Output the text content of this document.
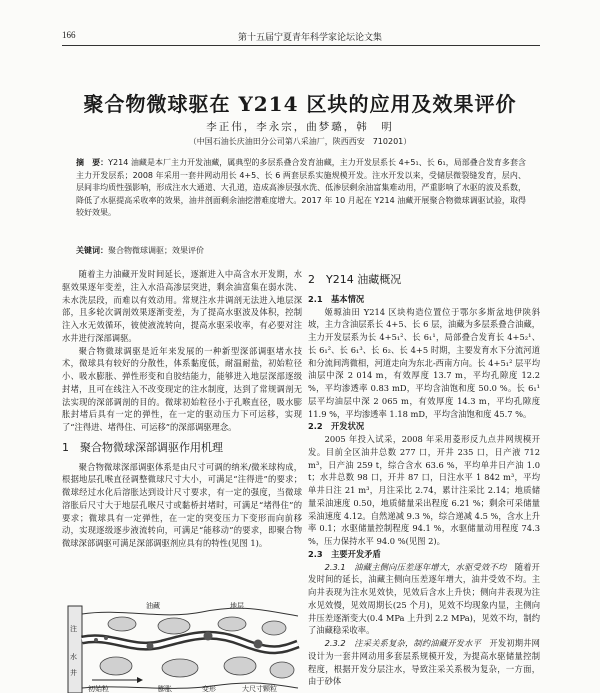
166	第十五届宁夏青年科学家论坛论文集
聚合物微球驱在 Y214 区块的应用及效果评价
李正伟，李永宗，曲梦璐，韩　明
（中国石油长庆油田分公司第八采油厂，陕西西安　710201）
摘　要：Y214 油藏是本厂主力开发油藏，属典型的多层系叠合发育油藏，主力开发层系长 4+5₁、长 6₁，局部叠合发育多套含主力开发层系；2008 年采用一套井网动用长 4+5、长 6 两套层系实施规模开发。注水开发以来，受储层微裂缝发育，层内、层间非均质性强影响，形成注水大通道、大孔道，造成高渗层强水洗、低渗层剩余油富集难动用，严重影响了水驱的波及系数，降低了水驱提高采收率的效果，油井剖面剩余油挖潜难度增大。2017 年 10 月起在 Y214 油藏开展聚合物微球调驱试验，取得较好效果。
关键词：聚合物微球调驱；效果评价

随着主力油藏开发时间延长，逐渐进入中高含水开发期，水驱效果逐年变差，注入水沿高渗层突进，剩余油富集在弱水洗、未水洗层段，而难以有效动用。常规注水井调剖无法进入地层深部，且多轮次调剖效果逐渐变差，为了提高水驱波及体积，控制注入水无效循环，彼使液流转向，提高水驱采收率，有必要对注水井进行深部调驱。

聚合物微球调驱是近年来发展的一种新型深部调驱堵水技术，微球具有较好的分散性，体系黏度低，耐温耐盐，初始粒径小、吸水膨胀、弹性形变和自胶结能力，能够进入地层深部逐级封堵，且可在线注入不改变现定的注水制度，达到了常规调剖无法实现的深部调剖的目的。微球初始粒径小于孔喉直径，吸水膨胀封堵后具有一定的弹性，在一定的驱动压力下可运移，实现了“注得进、堵得住、可运移”的深部调驱理念。

1　聚合物微球深部调驱作用机理

聚合物微球深部调驱体系是由尺寸可调的纳米/微米球构成，根据地层孔喉直径调整微球尺寸大小，可满足“注得进”的要求；微球经过水化后溶胀达到设计尺寸要求，有一定的强度，当微球溶胀后尺寸大于地层孔喉尺寸或黏桥封堵时，可满足“堵得住”的要求；微球具有一定弹性，在一定的突变压力下变形而向前移动，实现逐级逐步液流转向，可满足“能移动”的要求，即聚合物微球深部调驱可满足深部调驱剂应具有的特性(见图 1)。

2　Y214 油藏概况
2.1　基本情况

姬塬油田 Y214 区块构造位置位于鄂尔多斯盆地伊陕斜坡，主力含油层系长 4+5、长 6 层，油藏为多层系叠合油藏，主力开发层系为长 4+5₁²、长 6₁¹，局部叠合发育长 4+5₂¹、长 6₁²、长 6₁³、长 6₂、长 4+5 时期，主要发育水下分流河道和分流间湾微相，河道走向为东北-西南方向。长 4+5₁² 层平均油层中深 2 014 m，有效厚度 13.7 m，平均孔隙度 12.2 %，平均渗透率 0.83 mD，平均含油饱和度 50.0 %。长 6₁¹ 层平均油层中深 2 065 m，有效厚度 14.3 m，平均孔隙度 11.9 %，平均渗透率 1.18 mD，平均含油饱和度 45.7 %。

2.2　开发状况

2005 年投入试采，2008 年采用菱形反九点井网规模开发。目前全区油井总数 277 口，开井 235 口，日产液 712 m³，日产油 259 t，综合含水 63.6 %，平均单井日产油 1.0 t；水井总数 98 口，开井 87 口，日注水平 1 842 m³，平均单井日注 21 m³，月注采比 2.74，累计注采比 2.14；地质储量采油速度 0.50，地质储量采出程度 6.21 %；剩余可采储量采油速度 4.12。自然递减 9.3 %，综合递减 4.5 %，含水上升率 0.1；水驱储量控制程度 94.1 %，水驱储量动用程度 74.3 %，压力保持水平 94.0 %(见图 2)。

2.3　主要开发矛盾

2.3.1　油藏主侧向压差逐年增大，水驱受效不均　 随着开发时间的延长，油藏主侧向压差逐年增大，油井受效不均。主向井表现为注水见效快，见效后含水上升快；侧向井表现为注水见效慢，见效周期长(25 个月)，见效不均现象内显，主侧向井压差逐渐变大(0.4 MPa 上升到 2.2 MPa)，见效不均，制约了油藏稳采收率。

2.3.2　注采关系复杂，制约油藏开发水平　 开发初期井网设计为一套井网动用多套层系规模开发，为提高水驱储量控制程度，根据开发分层注水，导致注采关系极为复杂，一方面，由于砂体

油藏	地层
注
水
井
初始粒	膨胀	变形	大尺寸颗粒
